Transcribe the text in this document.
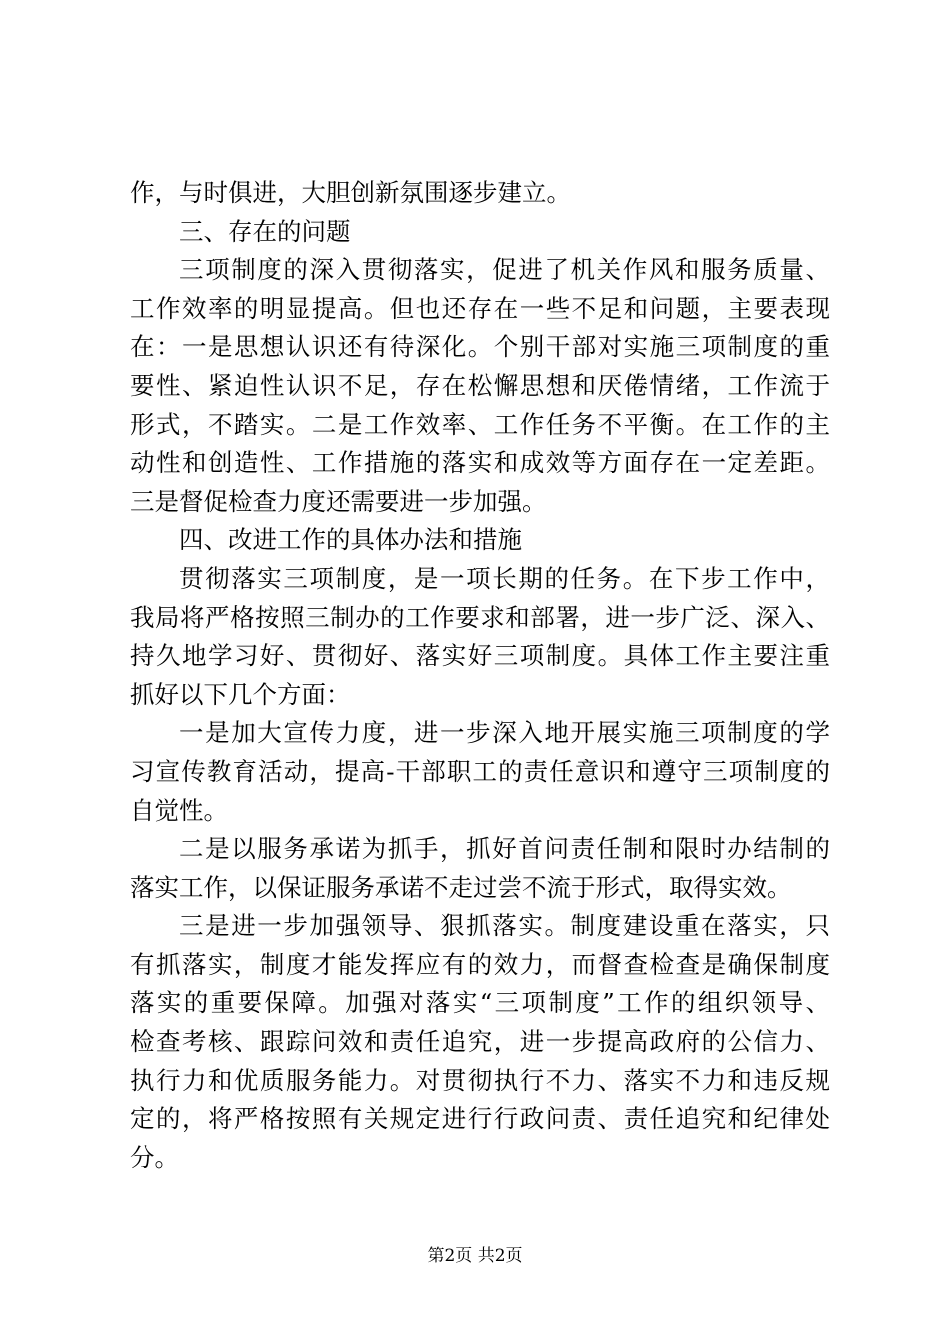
作，与时俱进，大胆创新氛围逐步建立。
三、存在的问题
三项制度的深入贯彻落实，促进了机关作风和服务质量、
工作效率的明显提高。但也还存在一些不足和问题，主要表现
在：一是思想认识还有待深化。个别干部对实施三项制度的重
要性、紧迫性认识不足，存在松懈思想和厌倦情绪，工作流于
形式，不踏实。二是工作效率、工作任务不平衡。在工作的主
动性和创造性、工作措施的落实和成效等方面存在一定差距。
三是督促检查力度还需要进一步加强。
四、改进工作的具体办法和措施
贯彻落实三项制度，是一项长期的任务。在下步工作中，
我局将严格按照三制办的工作要求和部署，进一步广泛、深入、
持久地学习好、贯彻好、落实好三项制度。具体工作主要注重
抓好以下几个方面：
一是加大宣传力度，进一步深入地开展实施三项制度的学
习宣传教育活动，提高-干部职工的责任意识和遵守三项制度的
自觉性。
二是以服务承诺为抓手，抓好首问责任制和限时办结制的
落实工作，以保证服务承诺不走过尝不流于形式，取得实效。
三是进一步加强领导、狠抓落实。制度建设重在落实，只
有抓落实，制度才能发挥应有的效力，而督查检查是确保制度
落实的重要保障。加强对落实“三项制度”工作的组织领导、
检查考核、跟踪问效和责任追究，进一步提高政府的公信力、
执行力和优质服务能力。对贯彻执行不力、落实不力和违反规
定的，将严格按照有关规定进行行政问责、责任追究和纪律处
分。
第2页 共2页
